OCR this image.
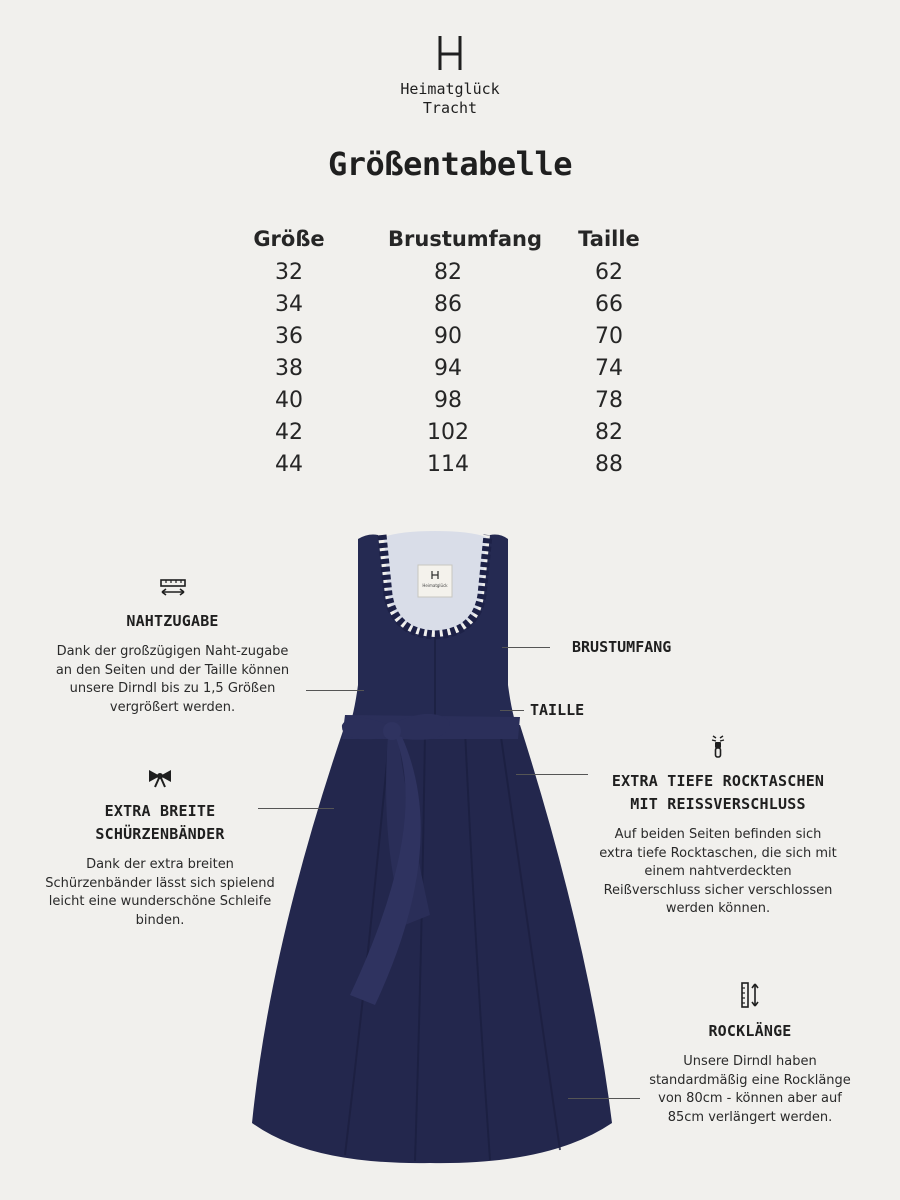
Heimatglück
Tracht
Größentabelle
Größe	Brustumfang	Taille
32	82	62
34	86	66
36	90	70
38	94	74
40	98	78
42	102	82
44	114	88
Heimatglück
NAHTZUGABE
Dank der großzügigen Naht-zugabe an den Seiten und der Taille können unsere Dirndl bis zu 1,5 Größen vergrößert werden.
EXTRA BREITE
SCHÜRZENBÄNDER
Dank der extra breiten Schürzenbänder lässt sich spielend leicht eine wunderschöne Schleife binden.
BRUSTUMFANG
TAILLE
EXTRA TIEFE ROCKTASCHEN
MIT REISSVERSCHLUSS
Auf beiden Seiten befinden sich extra tiefe Rocktaschen, die sich mit einem nahtverdeckten Reißverschluss sicher verschlossen werden können.
ROCKLÄNGE
Unsere Dirndl haben standardmäßig eine Rocklänge von 80cm - können aber auf 85cm verlängert werden.
